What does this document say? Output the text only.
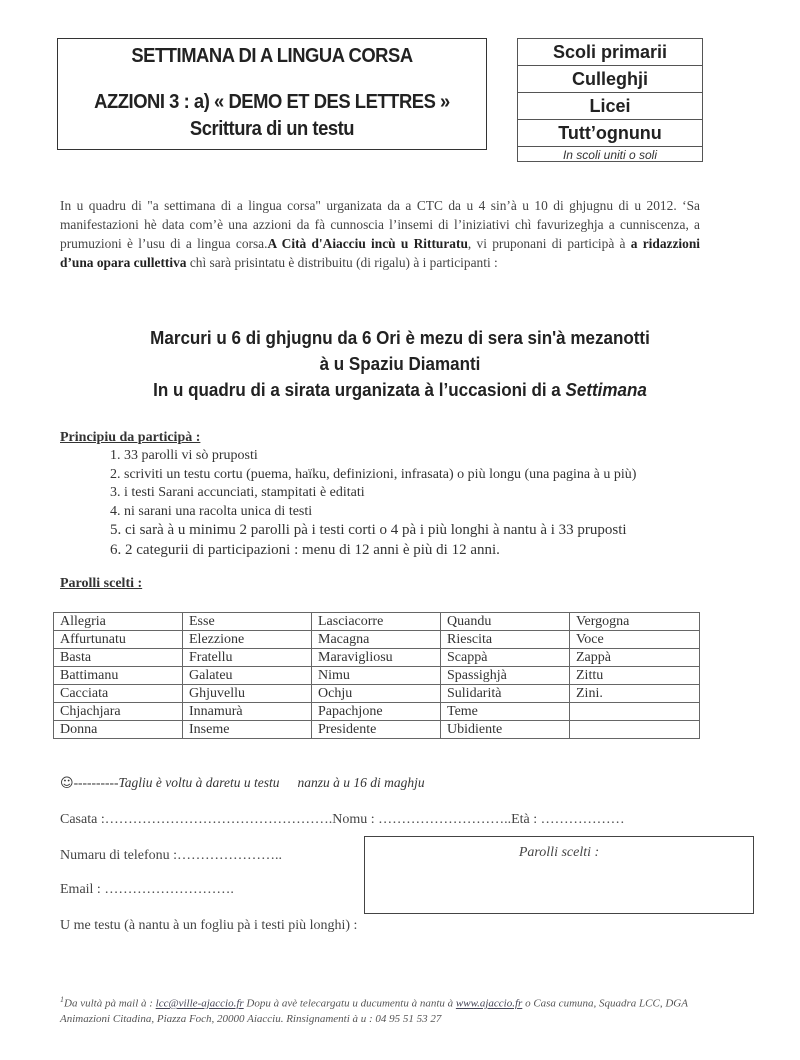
SETTIMANA DI A LINGUA CORSA
AZZIONI 3 : a) « DEMO ET DES LETTRES »
Scrittura di un testu
Scoli primarii
Culleghji
Licei
Tutt’ognunu
In scoli uniti o soli
In u quadru di "a settimana di a lingua corsa" urganizata da a CTC da u 4 sin’à u 10 di ghjugnu di u 2012. ‘Sa manifestazioni hè data com’è una azzioni da fà cunnoscia l’insemi di l’iniziativi chì favurizeghja a cunniscenza, a prumuzioni è l’usu di a lingua corsa.A Cità d'Aiacciu incù u Ritturatu, vi pruponani di participà à a ridazzioni d’una opara cullettiva chì sarà prisintatu è distribuitu (di rigalu) à i participanti :
Marcuri u 6 di ghjugnu da 6 Ori è mezu di sera sin'à mezanotti
à u Spaziu Diamanti
In u quadru di a sirata urganizata à l’uccasioni di a Settimana
Principiu da participà :
1. 33 parolli vi sò pruposti
2. scriviti un testu cortu (puema, haïku, definizioni, infrasata) o più longu (una pagina à u più)
3. i testi Sarani accunciati, stampitati è editati
4. ni sarani una racolta unica di testi
5. ci sarà à u minimu 2 parolli pà i testi corti o 4 pà i più longhi à nantu à i 33 pruposti
6. 2 categurii di participazioni : menu di 12 anni è più di 12 anni.
Parolli scelti :
Allegria	Esse	Lasciacorre	Quandu	Vergogna
Affurtunatu	Elezzione	Macagna	Riescita	Voce
Basta	Fratellu	Maravigliosu	Scappà	Zappà
Battimanu	Galateu	Nimu	Spassighjà	Zittu
Cacciata	Ghjuvellu	Ochju	Sulidarità	Zini.
Chjachjara	Innamurà	Papachjone	Teme	
Donna	Inseme	Presidente	Ubidiente	
☺----------Tagliu è voltu à daretu u testu nanzu à u 16 di maghju
Casata :………………………………………….Nomu : ………………………..Età : ………………
Numaru di telefonu :…………………..
Email : ……………………….
U me testu (à nantu à un fogliu pà i testi più longhi) :
Parolli scelti :
$^1$Da vultà pà mail à : lcc@ville-ajaccio.fr Dopu à avè telecargatu u ducumentu à nantu à www.ajaccio.fr o Casa cumuna, Squadra LCC, DGA Animazioni Citadina, Piazza Foch, 20000 Aiacciu. Rinsignamenti à u : 04 95 51 53 27
